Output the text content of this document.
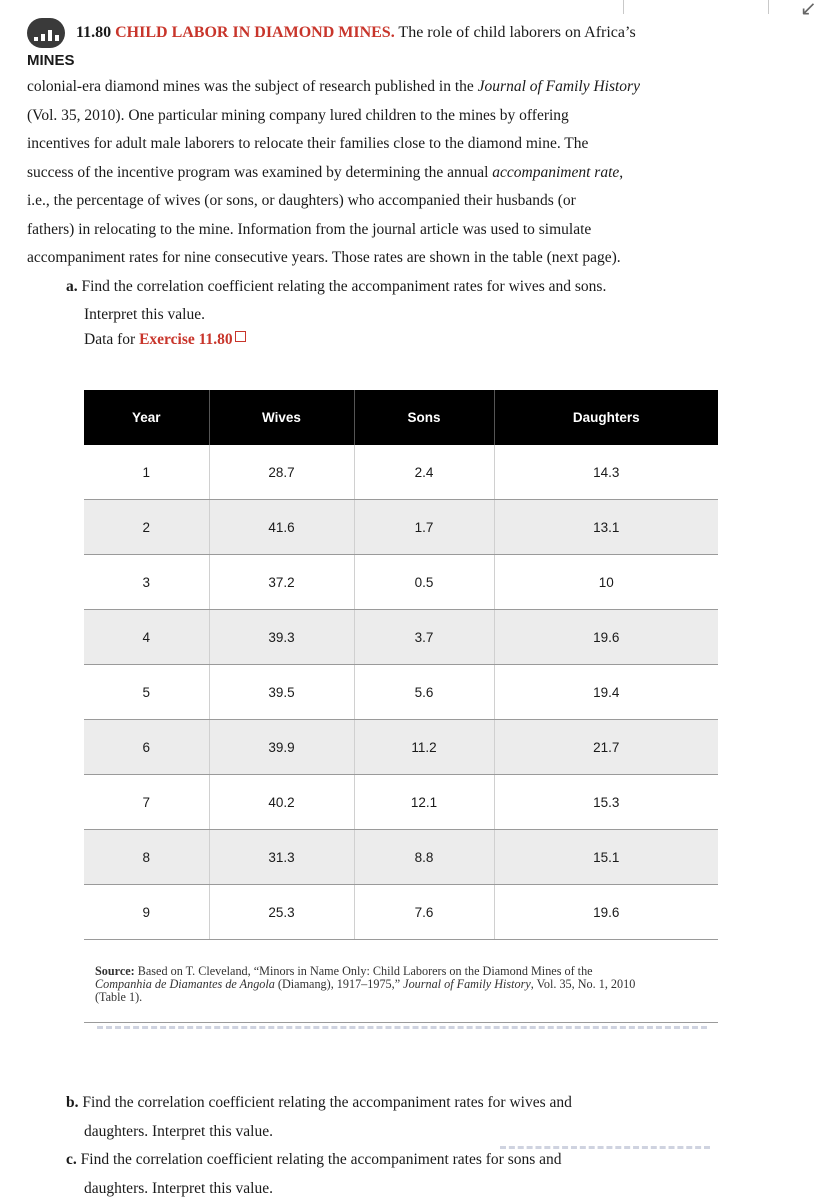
↙
11.80 CHILD LABOR IN DIAMOND MINES. The role of child laborers on Africa’s
MINES
colonial-era diamond mines was the subject of research published in the Journal of Family History
(Vol. 35, 2010). One particular mining company lured children to the mines by offering
incentives for adult male laborers to relocate their families close to the diamond mine. The
success of the incentive program was examined by determining the annual accompaniment rate,
i.e., the percentage of wives (or sons, or daughters) who accompanied their husbands (or
fathers) in relocating to the mine. Information from the journal article was used to simulate
accompaniment rates for nine consecutive years. Those rates are shown in the table (next page).
a. Find the correlation coefficient relating the accompaniment rates for wives and sons.
Interpret this value.
Data for Exercise 11.80
Year	Wives	Sons	Daughters
1	28.7	2.4	14.3
2	41.6	1.7	13.1
3	37.2	0.5	10
4	39.3	3.7	19.6
5	39.5	5.6	19.4
6	39.9	11.2	21.7
7	40.2	12.1	15.3
8	31.3	8.8	15.1
9	25.3	7.6	19.6
Source: Based on T. Cleveland, “Minors in Name Only: Child Laborers on the Diamond Mines of the
Companhia de Diamantes de Angola (Diamang), 1917–1975,” Journal of Family History, Vol. 35, No. 1, 2010
(Table 1).
b. Find the correlation coefficient relating the accompaniment rates for wives and
daughters. Interpret this value.
c. Find the correlation coefficient relating the accompaniment rates for sons and
daughters. Interpret this value.
